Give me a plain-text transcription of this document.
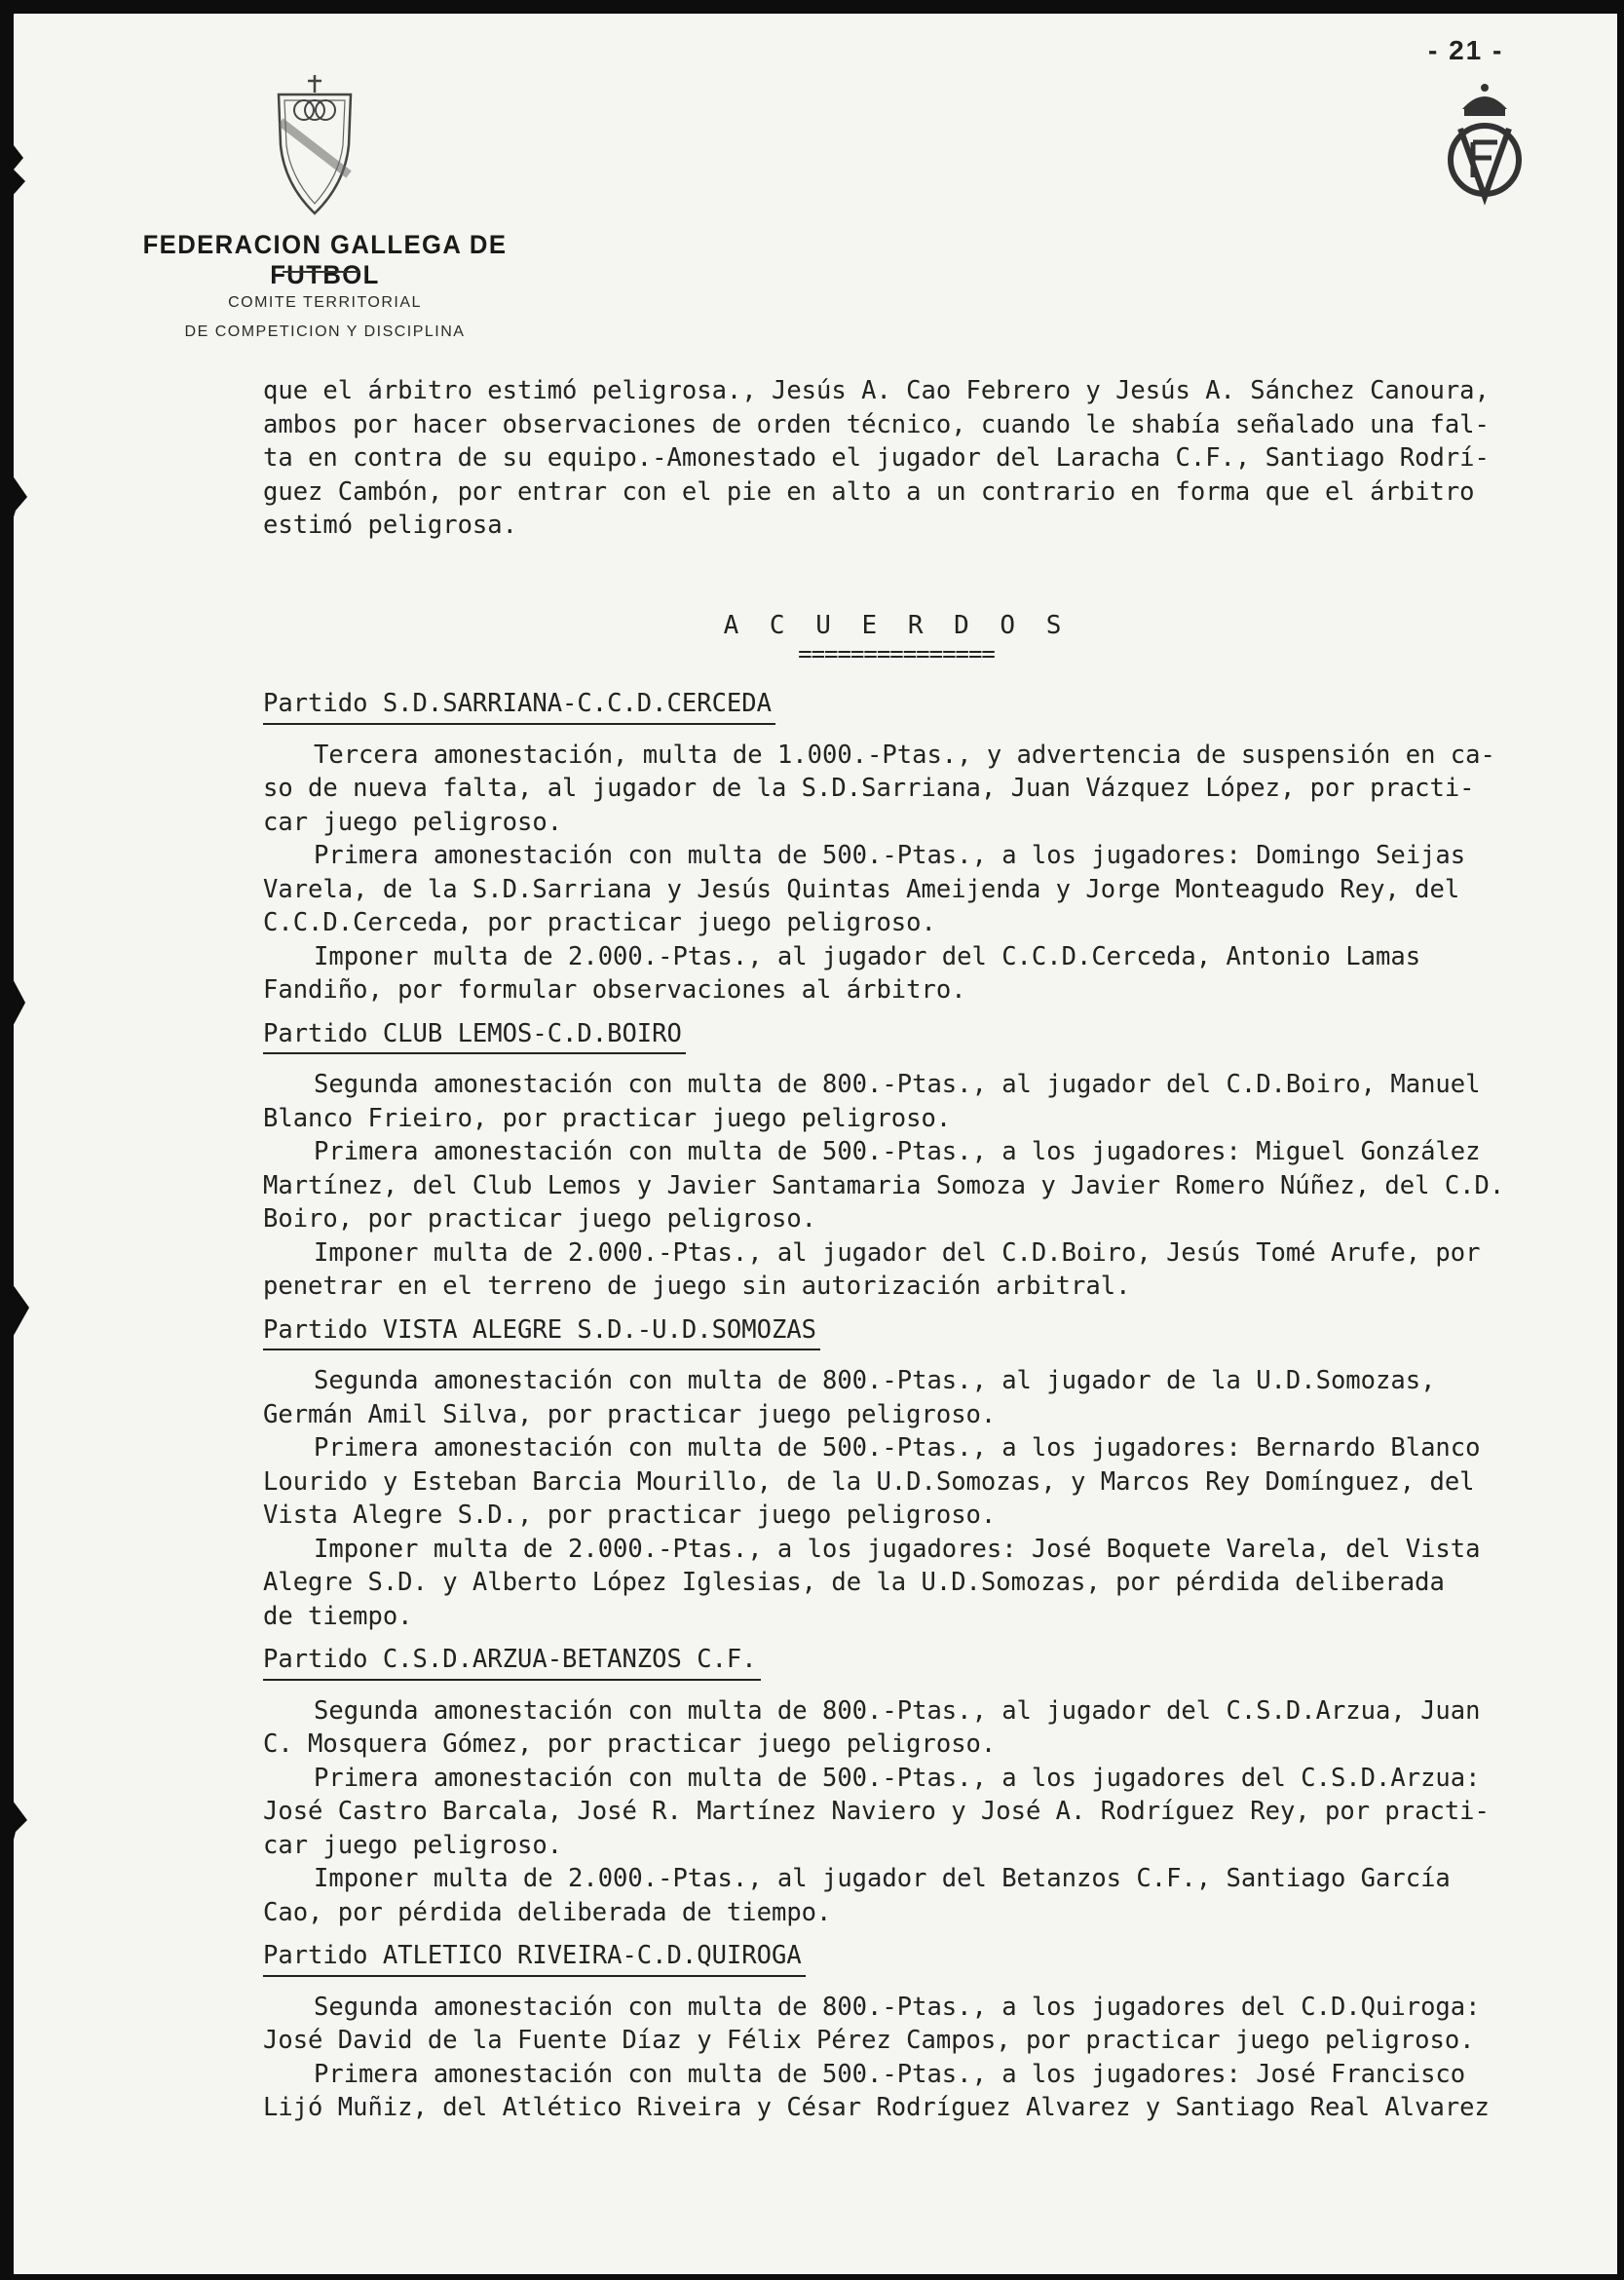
- 21 -
FEDERACION GALLEGA DE FUTBOL
COMITE TERRITORIAL
DE COMPETICION Y DISCIPLINA

que el árbitro estimó peligrosa., Jesús A. Cao Febrero y Jesús A. Sánchez Canoura,

ambos por hacer observaciones de orden técnico, cuando le shabía señalado una fal-

ta en contra de su equipo.-Amonestado el jugador del Laracha C.F., Santiago Rodrí-

guez Cambón, por entrar con el pie en alto a un contrario en forma que el árbitro

estimó peligrosa.

A C U E R D O S
===============
Partido S.D.SARRIANA-C.C.D.CERCEDA

Tercera amonestación, multa de 1.000.-Ptas., y advertencia de suspensión en ca-

so de nueva falta, al jugador de la S.D.Sarriana, Juan Vázquez López, por practi-

car juego peligroso.

Primera amonestación con multa de 500.-Ptas., a los jugadores: Domingo Seijas

Varela, de la S.D.Sarriana y Jesús Quintas Ameijenda y Jorge Monteagudo Rey, del

C.C.D.Cerceda, por practicar juego peligroso.

Imponer multa de 2.000.-Ptas., al jugador del C.C.D.Cerceda, Antonio Lamas

Fandiño, por formular observaciones al árbitro.

Partido CLUB LEMOS-C.D.BOIRO

Segunda amonestación con multa de 800.-Ptas., al jugador del C.D.Boiro, Manuel

Blanco Frieiro, por practicar juego peligroso.

Primera amonestación con multa de 500.-Ptas., a los jugadores: Miguel González

Martínez, del Club Lemos y Javier Santamaria Somoza y Javier Romero Núñez, del C.D.

Boiro, por practicar juego peligroso.

Imponer multa de 2.000.-Ptas., al jugador del C.D.Boiro, Jesús Tomé Arufe, por

penetrar en el terreno de juego sin autorización arbitral.

Partido VISTA ALEGRE S.D.-U.D.SOMOZAS

Segunda amonestación con multa de 800.-Ptas., al jugador de la U.D.Somozas,

Germán Amil Silva, por practicar juego peligroso.

Primera amonestación con multa de 500.-Ptas., a los jugadores: Bernardo Blanco

Lourido y Esteban Barcia Mourillo, de la U.D.Somozas, y Marcos Rey Domínguez, del

Vista Alegre S.D., por practicar juego peligroso.

Imponer multa de 2.000.-Ptas., a los jugadores: José Boquete Varela, del Vista

Alegre S.D. y Alberto López Iglesias, de la U.D.Somozas, por pérdida deliberada

de tiempo.

Partido C.S.D.ARZUA-BETANZOS C.F.

Segunda amonestación con multa de 800.-Ptas., al jugador del C.S.D.Arzua, Juan

C. Mosquera Gómez, por practicar juego peligroso.

Primera amonestación con multa de 500.-Ptas., a los jugadores del C.S.D.Arzua:

José Castro Barcala, José R. Martínez Naviero y José A. Rodríguez Rey, por practi-

car juego peligroso.

Imponer multa de 2.000.-Ptas., al jugador del Betanzos C.F., Santiago García

Cao, por pérdida deliberada de tiempo.

Partido ATLETICO RIVEIRA-C.D.QUIROGA

Segunda amonestación con multa de 800.-Ptas., a los jugadores del C.D.Quiroga:

José David de la Fuente Díaz y Félix Pérez Campos, por practicar juego peligroso.

Primera amonestación con multa de 500.-Ptas., a los jugadores: José Francisco

Lijó Muñiz, del Atlético Riveira y César Rodríguez Alvarez y Santiago Real Alvarez
